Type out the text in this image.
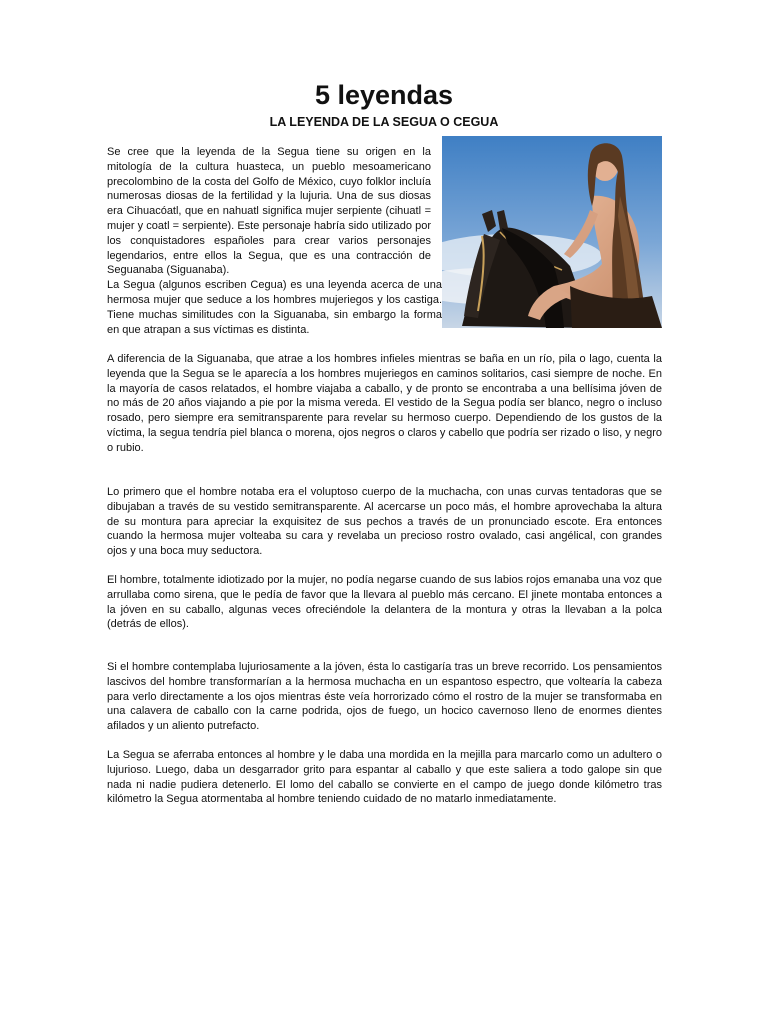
5 leyendas
LA LEYENDA DE LA SEGUA O CEGUA

Se cree que la leyenda de la Segua tiene su origen en la mitología de la cultura huasteca, un pueblo mesoamericano precolombino de la costa del Golfo de México, cuyo folklor incluía numerosas diosas de la fertilidad y la lujuria. Una de sus diosas era Cihuacóatl, que en nahuatl significa mujer serpiente (cihuatl = mujer y coatl = serpiente). Este personaje habría sido utilizado por los conquistadores españoles para crear varios personajes legendarios, entre ellos la Segua, que es una contracción de Seguanaba (Siguanaba).

La Segua (algunos escriben Cegua) es una leyenda acerca de una hermosa mujer que seduce a los hombres mujeriegos y los castiga. Tiene muchas similitudes con la Siguanaba, sin embargo la forma en que atrapan a sus víctimas es distinta.

A diferencia de la Siguanaba, que atrae a los hombres infieles mientras se baña en un río, pila o lago, cuenta la leyenda que la Segua se le aparecía a los hombres mujeriegos en caminos solitarios, casi siempre de noche. En la mayoría de casos relatados, el hombre viajaba a caballo, y de pronto se encontraba a una bellísima jóven de no más de 20 años viajando a pie por la misma vereda. El vestido de la Segua podía ser blanco, negro o incluso rosado, pero siempre era semitransparente para revelar su hermoso cuerpo. Dependiendo de los gustos de la víctima, la segua tendría piel blanca o morena, ojos negros o claros y cabello que podría ser rizado o liso, y negro o rubio.

Lo primero que el hombre notaba era el voluptoso cuerpo de la muchacha, con unas curvas tentadoras que se dibujaban a través de su vestido semitransparente. Al acercarse un poco más, el hombre aprovechaba la altura de su montura para apreciar la exquisitez de sus pechos a través de un pronunciado escote. Era entonces cuando la hermosa mujer volteaba su cara y revelaba un precioso rostro ovalado, casi angélical, con grandes ojos y una boca muy seductora.

El hombre, totalmente idiotizado por la mujer, no podía negarse cuando de sus labios rojos emanaba una voz que arrullaba como sirena, que le pedía de favor que la llevara al pueblo más cercano. El jinete montaba entonces a la jóven en su caballo, algunas veces ofreciéndole la delantera de la montura y otras la llevaban a la polca (detrás de ellos).

Si el hombre contemplaba lujuriosamente a la jóven, ésta lo castigaría tras un breve recorrido. Los pensamientos lascivos del hombre transformarían a la hermosa muchacha en un espantoso espectro, que voltearía la cabeza para verlo directamente a los ojos mientras éste veía horrorizado cómo el rostro de la mujer se transformaba en una calavera de caballo con la carne podrida, ojos de fuego, un hocico cavernoso lleno de enormes dientes afilados y un aliento putrefacto.

La Segua se aferraba entonces al hombre y le daba una mordida en la mejilla para marcarlo como un adultero o lujurioso. Luego, daba un desgarrador grito para espantar al caballo y que este saliera a todo galope sin que nada ni nadie pudiera detenerlo. El lomo del caballo se convierte en el campo de juego donde kilómetro tras kilómetro la Segua atormentaba al hombre teniendo cuidado de no matarlo inmediatamente.
